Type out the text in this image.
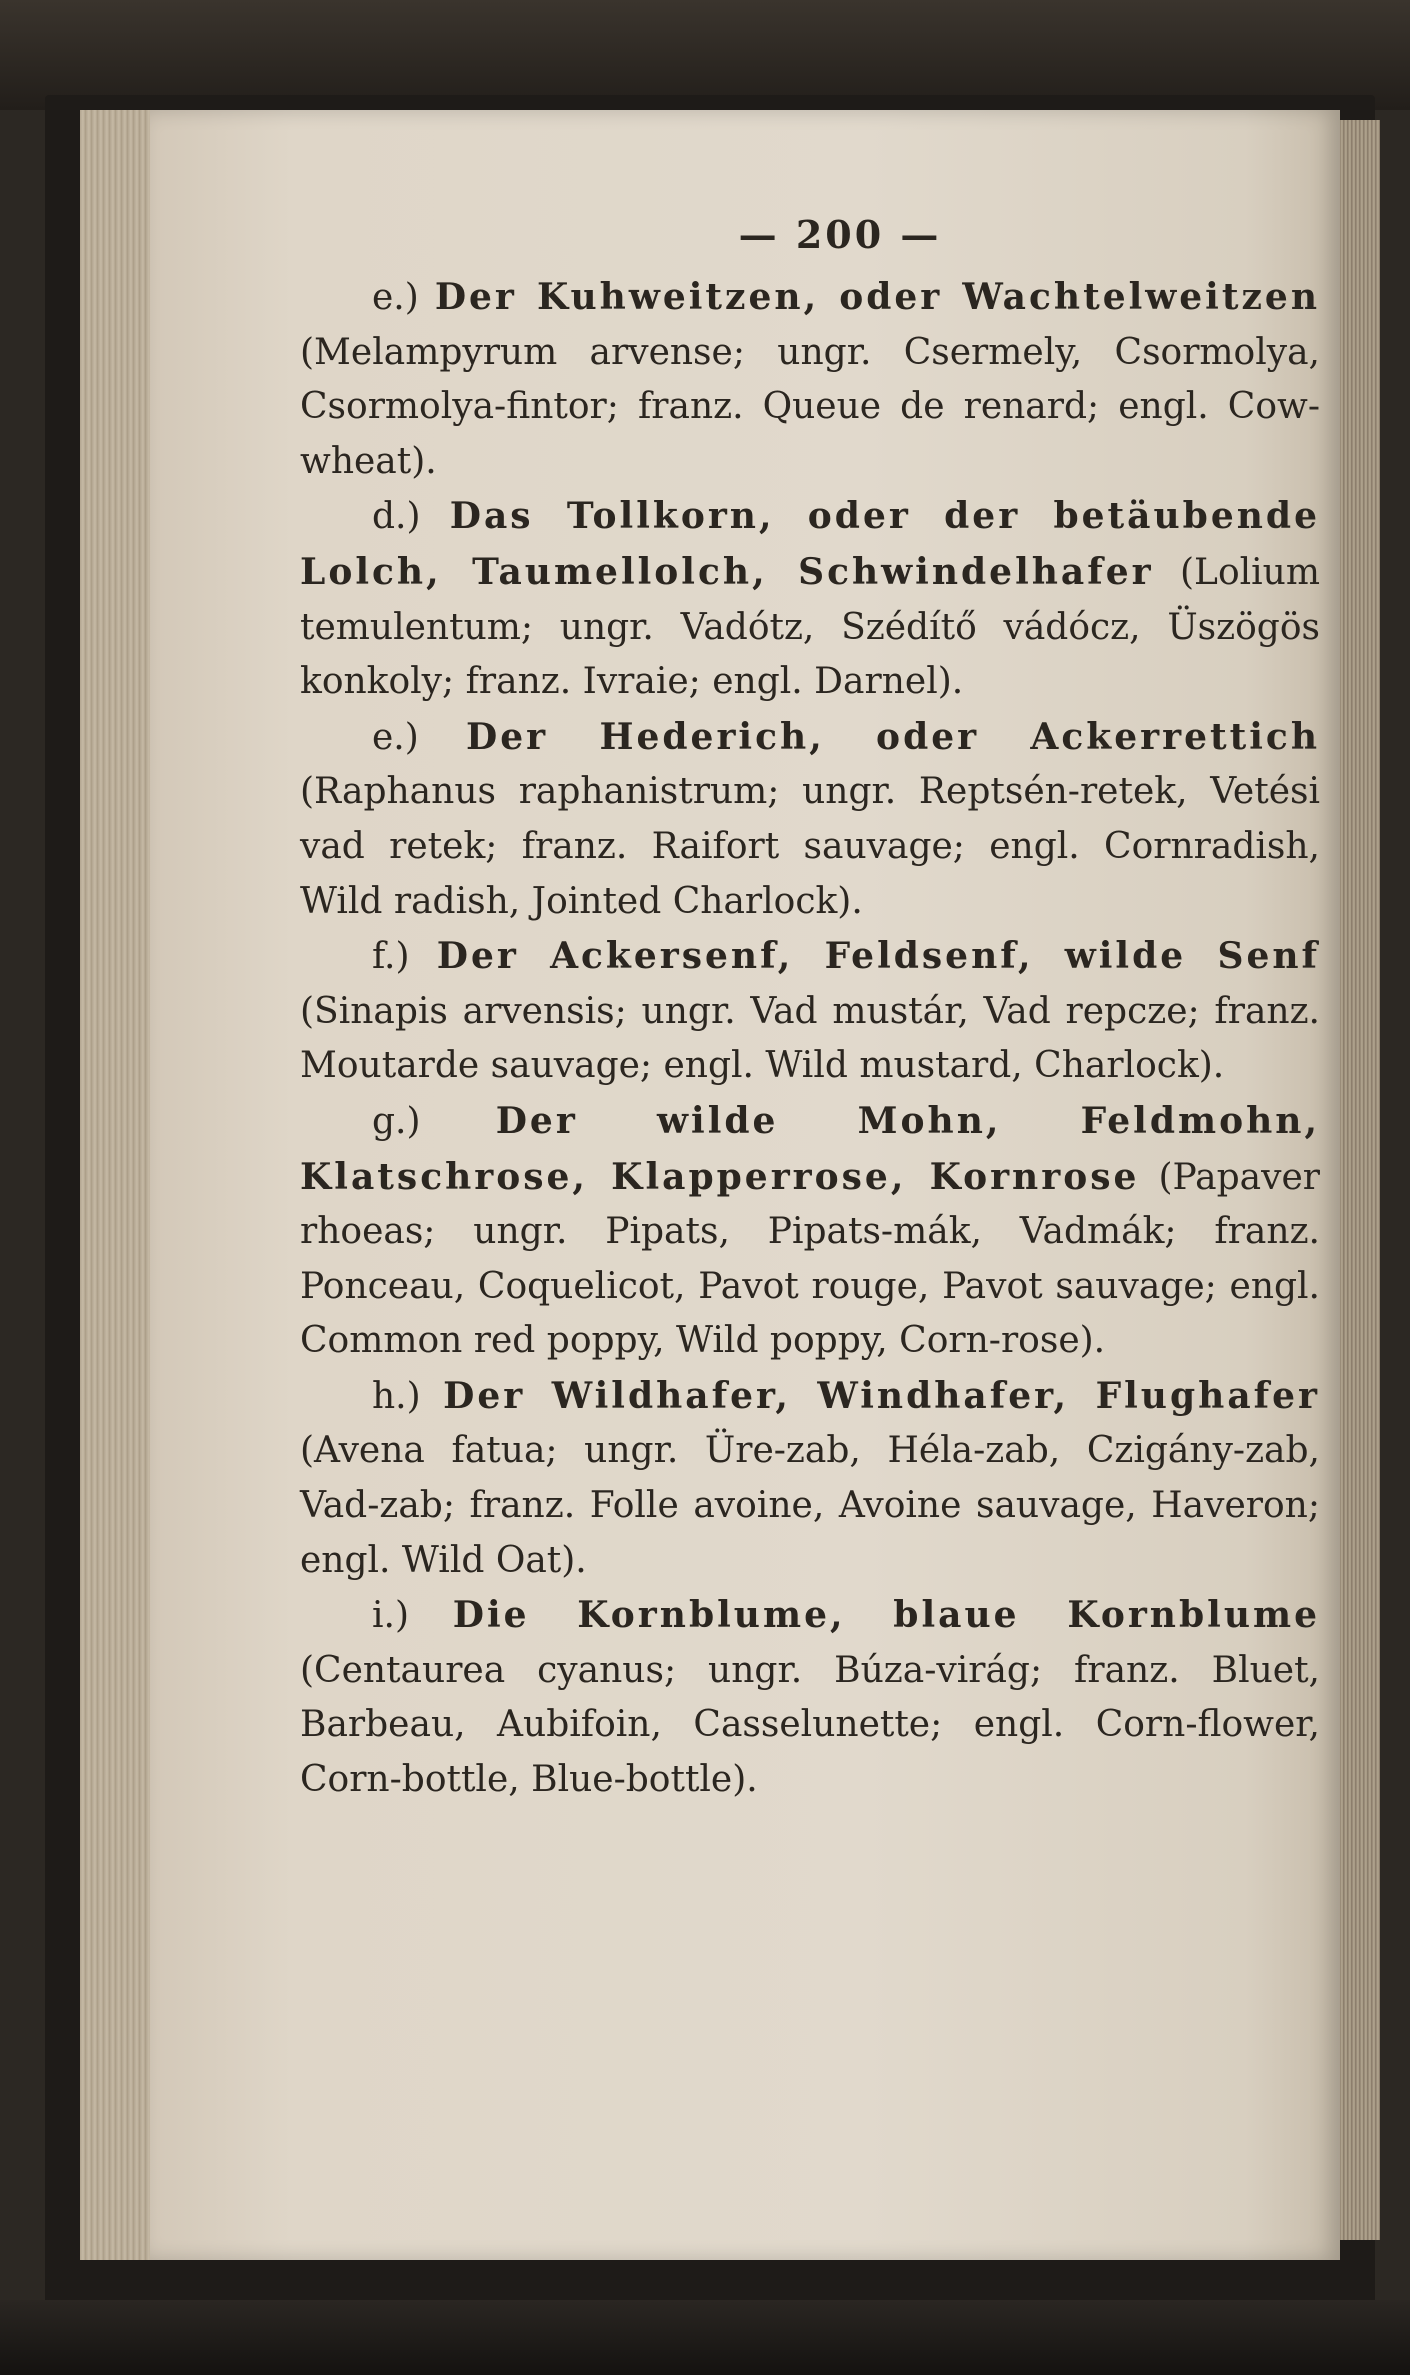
— 200 —

e.) Der Kuhweitzen, oder Wachtelweitzen (Melampyrum arvense; ungr. Csermely, Csormolya, Csormolya-fintor; franz. Queue de renard; engl. Cow-wheat).

d.) Das Tollkorn, oder der betäubende Lolch, Taumellolch, Schwindelhafer (Lolium temulentum; ungr. Vadótz, Szédítő vádócz, Üszögös konkoly; franz. Ivraie; engl. Darnel).

e.) Der Hederich, oder Ackerrettich (Raphanus raphanistrum; ungr. Reptsén-retek, Vetési vad retek; franz. Raifort sauvage; engl. Cornradish, Wild radish, Jointed Charlock).

f.) Der Ackersenf, Feldsenf, wilde Senf (Sinapis arvensis; ungr. Vad mustár, Vad repcze; franz. Moutarde sauvage; engl. Wild mustard, Charlock).

g.) Der wilde Mohn, Feldmohn, Klatschrose, Klapperrose, Kornrose (Papaver rhoeas; ungr. Pipats, Pipats-mák, Vadmák; franz. Ponceau, Coquelicot, Pavot rouge, Pavot sauvage; engl. Common red poppy, Wild poppy, Corn-rose).

h.) Der Wildhafer, Windhafer, Flughafer (Avena fatua; ungr. Üre-zab, Héla-zab, Czigány-zab, Vad-zab; franz. Folle avoine, Avoine sauvage, Haveron; engl. Wild Oat).

i.) Die Kornblume, blaue Kornblume (Centaurea cyanus; ungr. Búza-virág; franz. Bluet, Barbeau, Aubifoin, Casselunette; engl. Corn-flower, Corn-bottle, Blue-bottle).
